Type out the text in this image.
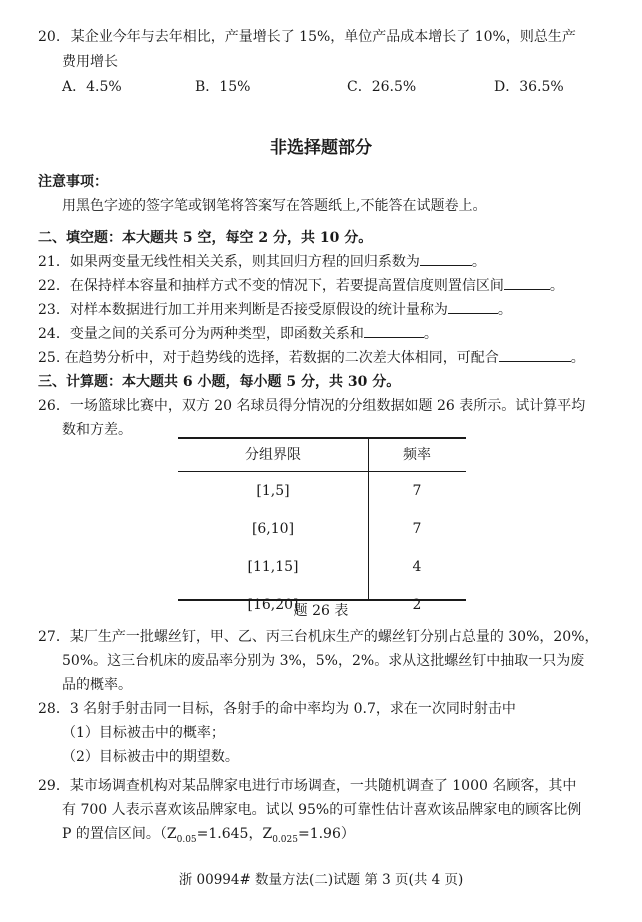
20. 某企业今年与去年相比，产量增长了 15%，单位产品成本增长了 10%，则总生产
费用增长
A．4.5%	B．15%	C．26.5%	D．36.5%
非选择题部分
注意事项：
用黑色字迹的签字笔或钢笔将答案写在答题纸上,不能答在试题卷上。
二、填空题：本大题共 5 空，每空 2 分，共 10 分。
21．如果两变量无线性相关关系，则其回归方程的回归系数为	。
22．在保持样本容量和抽样方式不变的情况下，若要提高置信度则置信区间	。
23．对样本数据进行加工并用来判断是否接受原假设的统计量称为	。
24．变量之间的关系可分为两种类型，即函数关系和	。
25. 在趋势分析中，对于趋势线的选择，若数据的二次差大体相同，可配合	。
三、计算题：本大题共 6 小题，每小题 5 分，共 30 分。
26．一场篮球比赛中，双方 20 名球员得分情况的分组数据如题 26 表所示。试计算平均
数和方差。
分组界限	频率
[1,5]	7
[6,10]	7
[11,15]	4
[16,20]	2
题 26 表
27．某厂生产一批螺丝钉，甲、乙、丙三台机床生产的螺丝钉分别占总量的 30%，20%，
50%。这三台机床的废品率分别为 3%，5%，2%。求从这批螺丝钉中抽取一只为废
品的概率。
28．3 名射手射击同一目标，各射手的命中率均为 0.7，求在一次同时射击中
（1）目标被击中的概率；
（2）目标被击中的期望数。
29．某市场调查机构对某品牌家电进行市场调查，一共随机调查了 1000 名顾客，其中
有 700 人表示喜欢该品牌家电。试以 95%的可靠性估计喜欢该品牌家电的顾客比例
P 的置信区间。（$Z_{0.05}=1.645$，$Z_{0.025}=1.96$）
浙 00994# 数量方法(二)试题 第 3 页(共 4 页)
